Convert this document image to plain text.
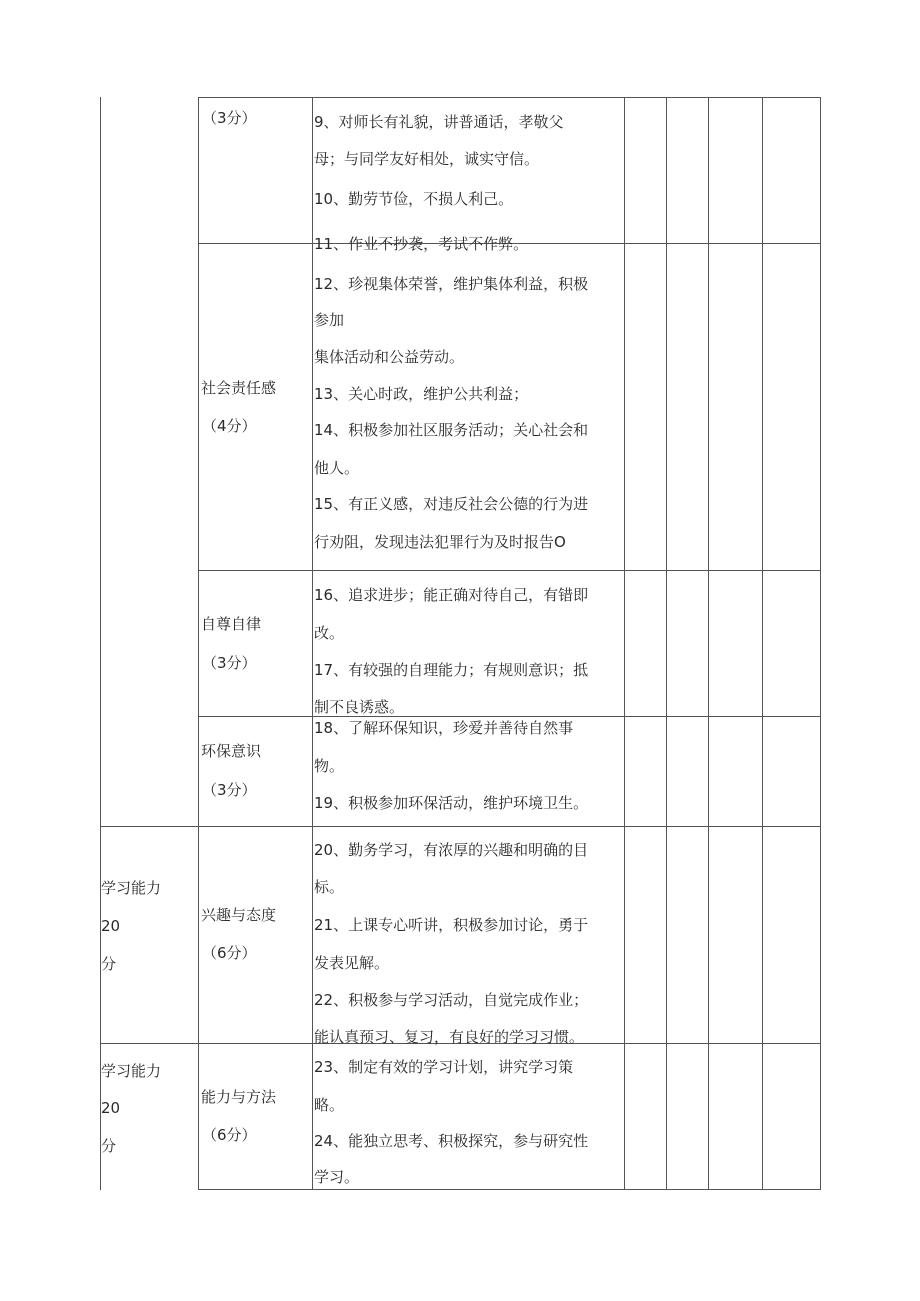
（3分）	9、对师长有礼貌，讲普通话，孝敬父
母；与同学友好相处，诚实守信。
10、勤劳节俭，不损人利己。
11、作业不抄袭，考试不作弊。
社会责任感
（4分）
12、珍视集体荣誉，维护集体利益，积极
参加
集体活动和公益劳动。
13、关心时政，维护公共利益；
14、积极参加社区服务活动；关心社会和
他人。
15、有正义感，对违反社会公德的行为进
行劝阻，发现违法犯罪行为及时报告O
自尊自律
（3分）
16、追求进步；能正确对待自己，有错即
改。
17、有较强的自理能力；有规则意识；抵
制不良诱惑。
环保意识
（3分）
18、了解环保知识，珍爱并善待自然事
物。
19、积极参加环保活动，维护环境卫生。
学习能力
20
分
兴趣与态度
（6分）
20、勤务学习，有浓厚的兴趣和明确的目
标。
21、上课专心听讲，积极参加讨论，勇于
发表见解。
22、积极参与学习活动，自觉完成作业；
能认真预习、复习，有良好的学习习惯。
学习能力
20
分
能力与方法
（6分）
23、制定有效的学习计划，讲究学习策
略。
24、能独立思考、积极探究，参与研究性
学习。
